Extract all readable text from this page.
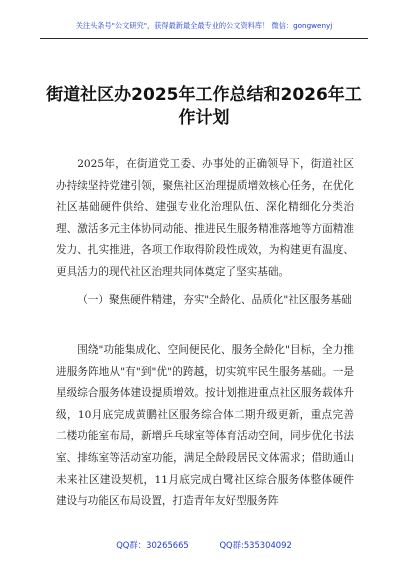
关注头条号"公文研究"，获得最新最全最专业的公文资料库！ 微信：gongwenyj
街道社区办2025年工作总结和2026年工作计划

2025年，在街道党工委、办事处的正确领导下，街道社区办持续坚持党建引领，聚焦社区治理提质增效核心任务，在优化社区基础硬件供给、建强专业化治理队伍、深化精细化分类治理、激活多元主体协同动能、推进民生服务精准落地等方面精准发力、扎实推进，各项工作取得阶段性成效，为构建更有温度、更具活力的现代社区治理共同体奠定了坚实基础。

（一）聚焦硬件精建，夯实"全龄化、品质化"社区服务基础

围绕"功能集成化、空间便民化、服务全龄化"目标，全力推进服务阵地从"有"到"优"的跨越，切实筑牢民生服务基础。一是星级综合服务体建设提质增效。按计划推进重点社区服务载体升级，10月底完成黄鹏社区服务综合体二期升级更新，重点完善二楼功能室布局，新增乒乓球室等体育活动空间，同步优化书法室、排练室等活动室功能，满足全龄段居民文体需求；借助通山未来社区建设契机，11月底完成白鹭社区综合服务体整体硬件建设与功能区布局设置，打造青年友好型服务阵

QQ群：30265665	QQ群:535304092
